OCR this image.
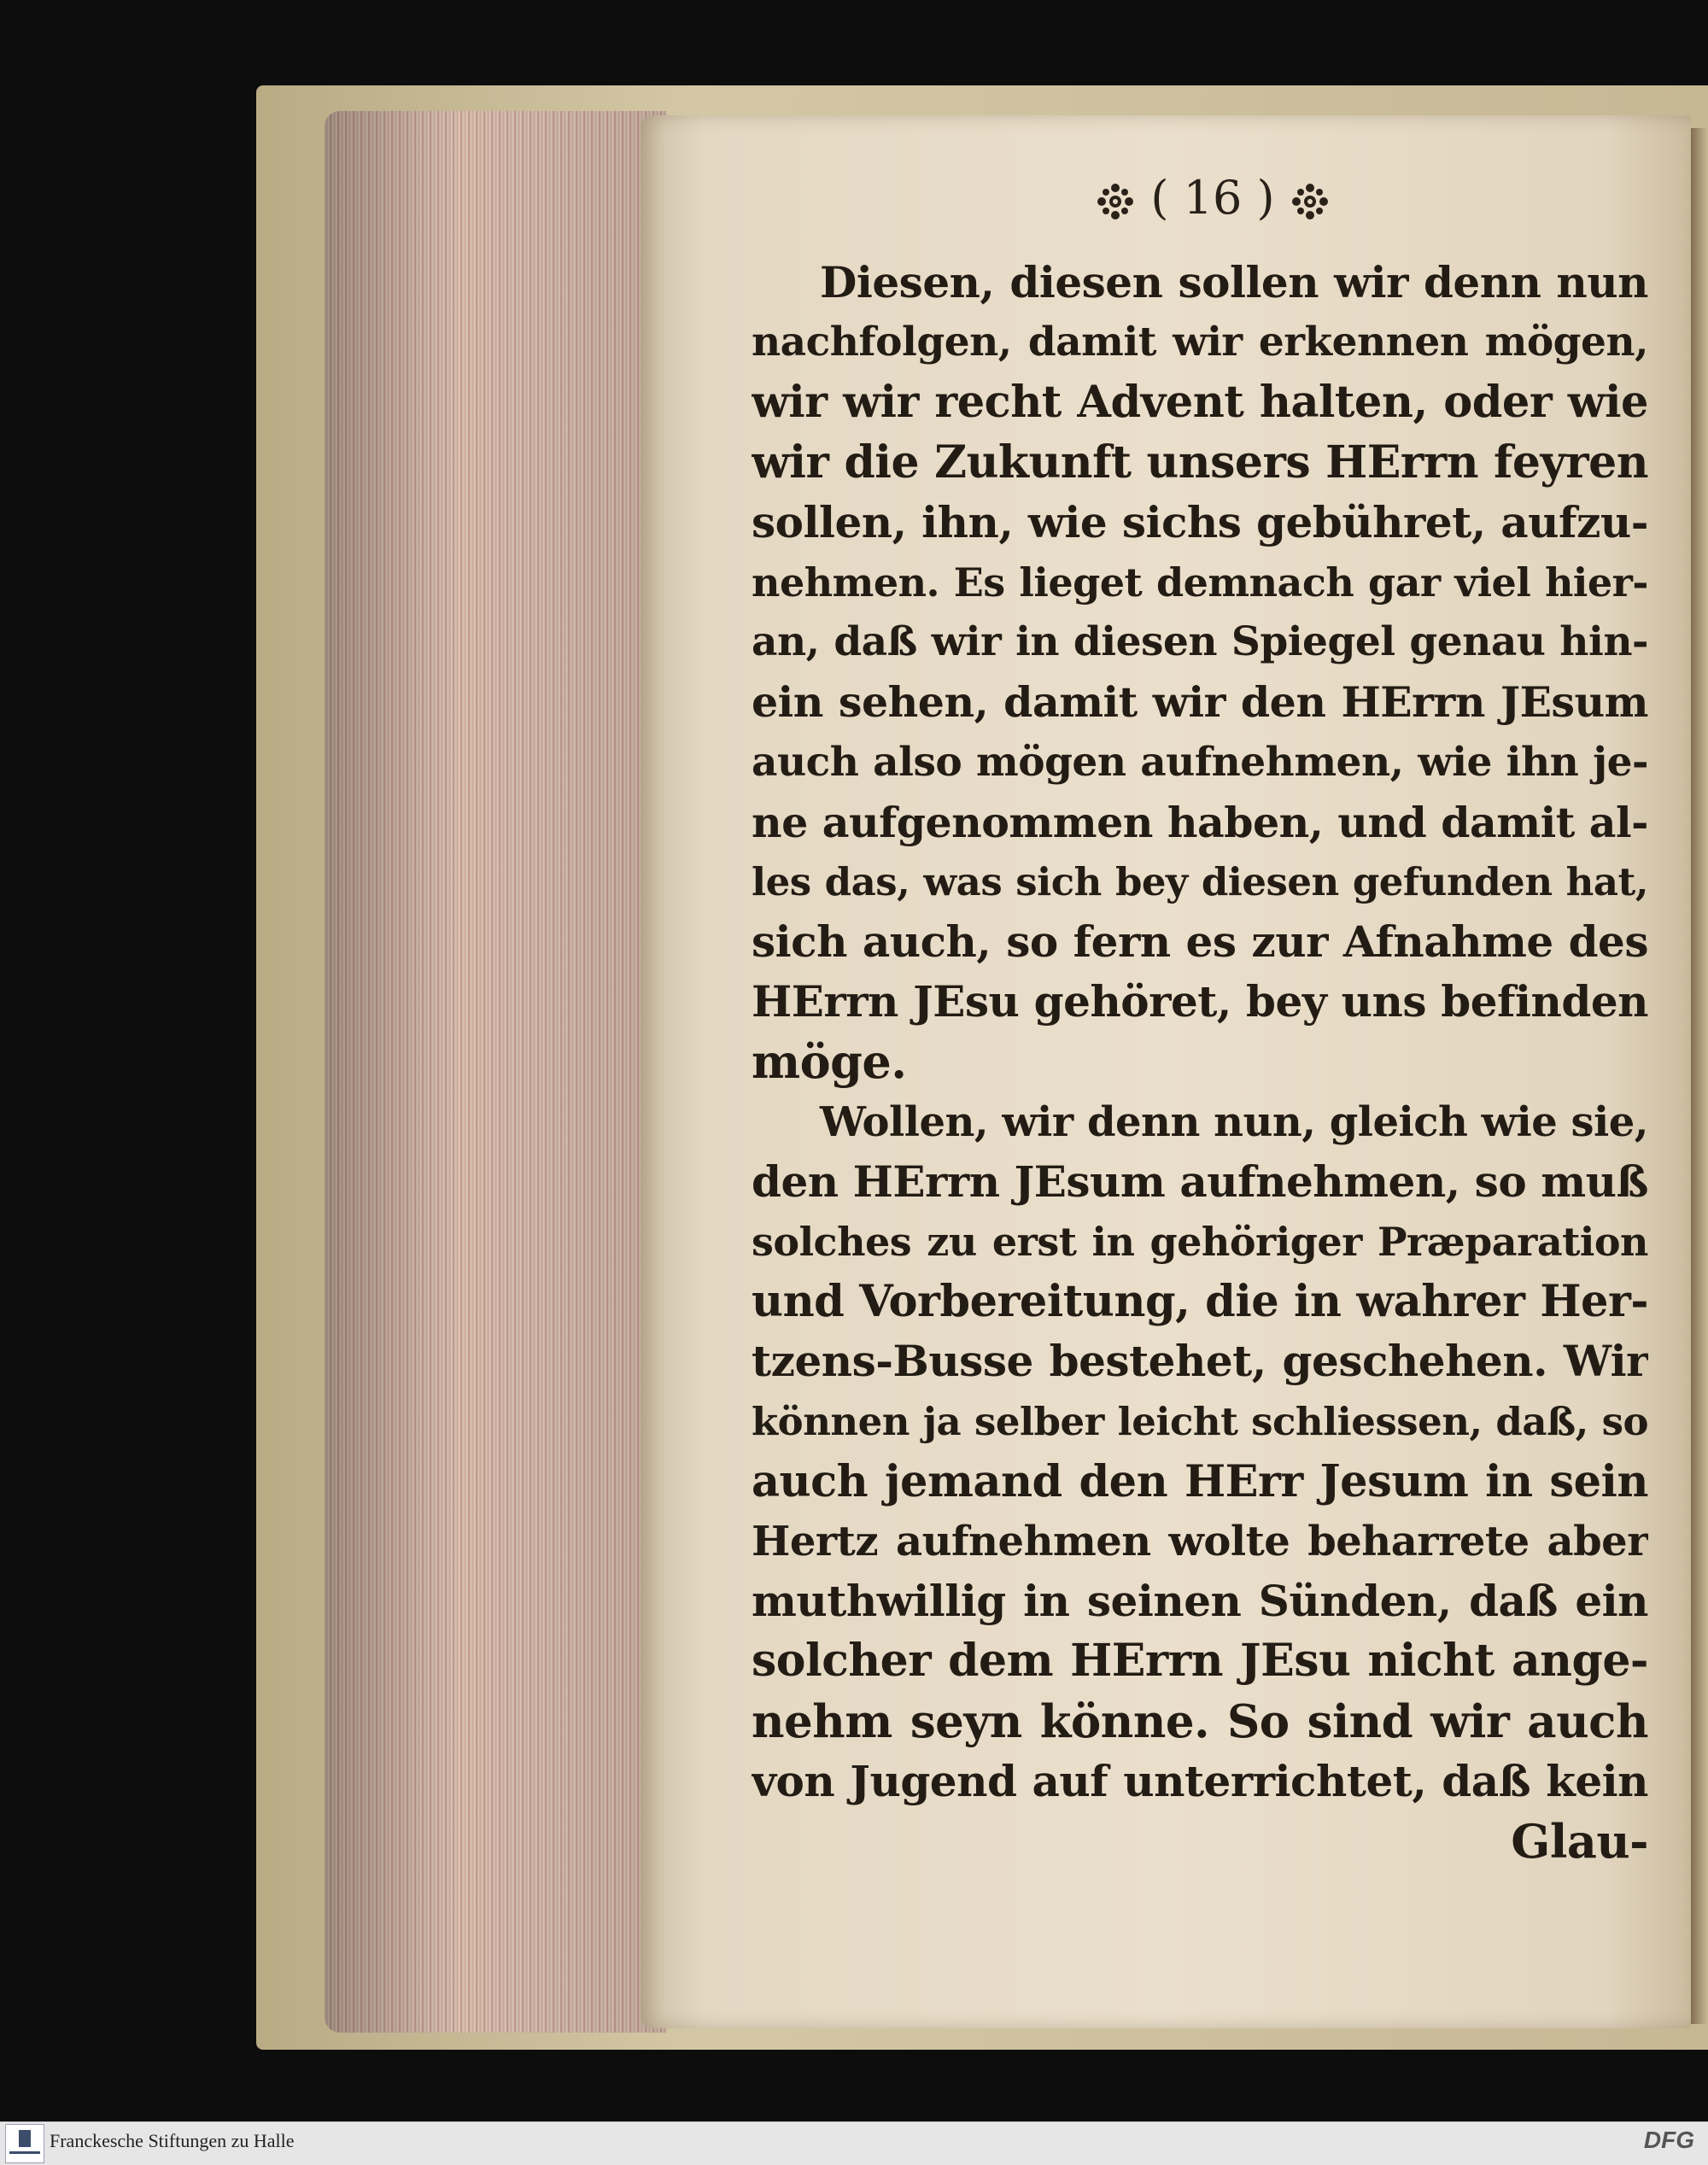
( 16 )
Diesen, diesen sollen wir denn nun
nachfolgen, damit wir erkennen mögen,
wir wir recht Advent halten, oder wie
wir die Zukunft unsers HErrn feyren
sollen, ihn, wie sichs gebühret, aufzu-
nehmen. Es lieget demnach gar viel hier-
an, daß wir in diesen Spiegel genau hin-
ein sehen, damit wir den HErrn JEsum
auch also mögen aufnehmen, wie ihn je-
ne aufgenommen haben, und damit al-
les das, was sich bey diesen gefunden hat,
sich auch, so fern es zur Afnahme des
HErrn JEsu gehöret, bey uns befinden
möge.
Wollen, wir denn nun, gleich wie sie,
den HErrn JEsum aufnehmen, so muß
solches zu erst in gehöriger Præparation
und Vorbereitung, die in wahrer Her-
tzens-Busse bestehet, geschehen. Wir
können ja selber leicht schliessen, daß, so
auch jemand den HErr Jesum in sein
Hertz aufnehmen wolte beharrete aber
muthwillig in seinen Sünden, daß ein
solcher dem HErrn JEsu nicht ange-
nehm seyn könne. So sind wir auch
von Jugend auf unterrichtet, daß kein
Glau-
Franckesche Stiftungen zu Halle	DFG
